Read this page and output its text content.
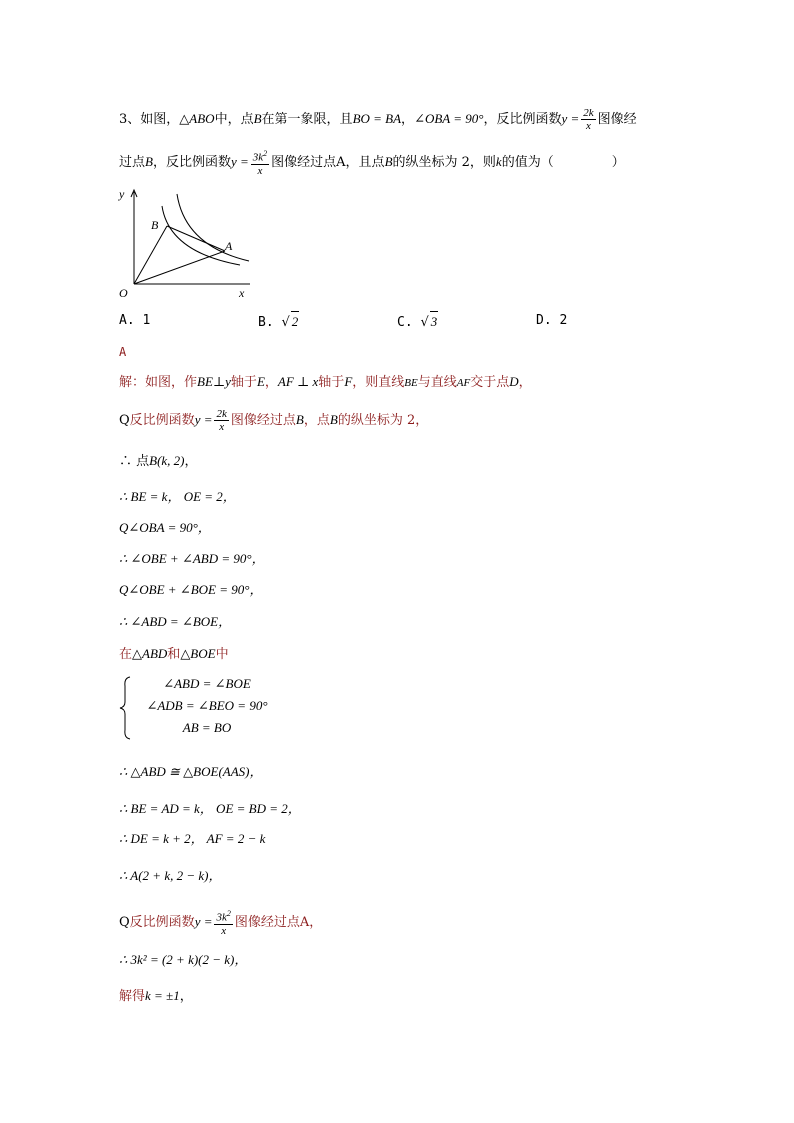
3、如图，△ABO中，点B在第一象限，且BO = BA，∠OBA = 90°，反比例函数$y = \frac{2k}{x}$ 图像经
过点B，反比例函数$y = \frac{3k^2}{x}$ 图像经过点A，且点B的纵坐标为 2，则k的值为（	）
y
x
O
B
A
A. 1	B. √ 2	C. √ 3	D. 2
A
解：如图，作BE⊥y轴于E，AF ⊥ x轴于F，则直线BE与直线AF交于点D，
Q反比例函数$y = \frac{2k}{x}$ 图像经过点B，点B的纵坐标为 2，
∴ 点B(k, 2)，
∴ BE = k， OE = 2，
Q∠OBA = 90°，
∴ ∠OBE + ∠ABD = 90°，
Q∠OBE + ∠BOE = 90°，
∴ ∠ABD = ∠BOE，
在△ABD和△BOE中
∠ABD = ∠BOE
∠ADB = ∠BEO = 90°
AB = BO
∴ △ABD ≅ △BOE(AAS)，
∴ BE = AD = k， OE = BD = 2，
∴ DE = k + 2， AF = 2 − k
∴ A(2 + k, 2 − k)，
Q反比例函数$y = \frac{3k^2}{x}$ 图像经过点A，
∴ 3k² = (2 + k)(2 − k)，
解得k = ±1，
